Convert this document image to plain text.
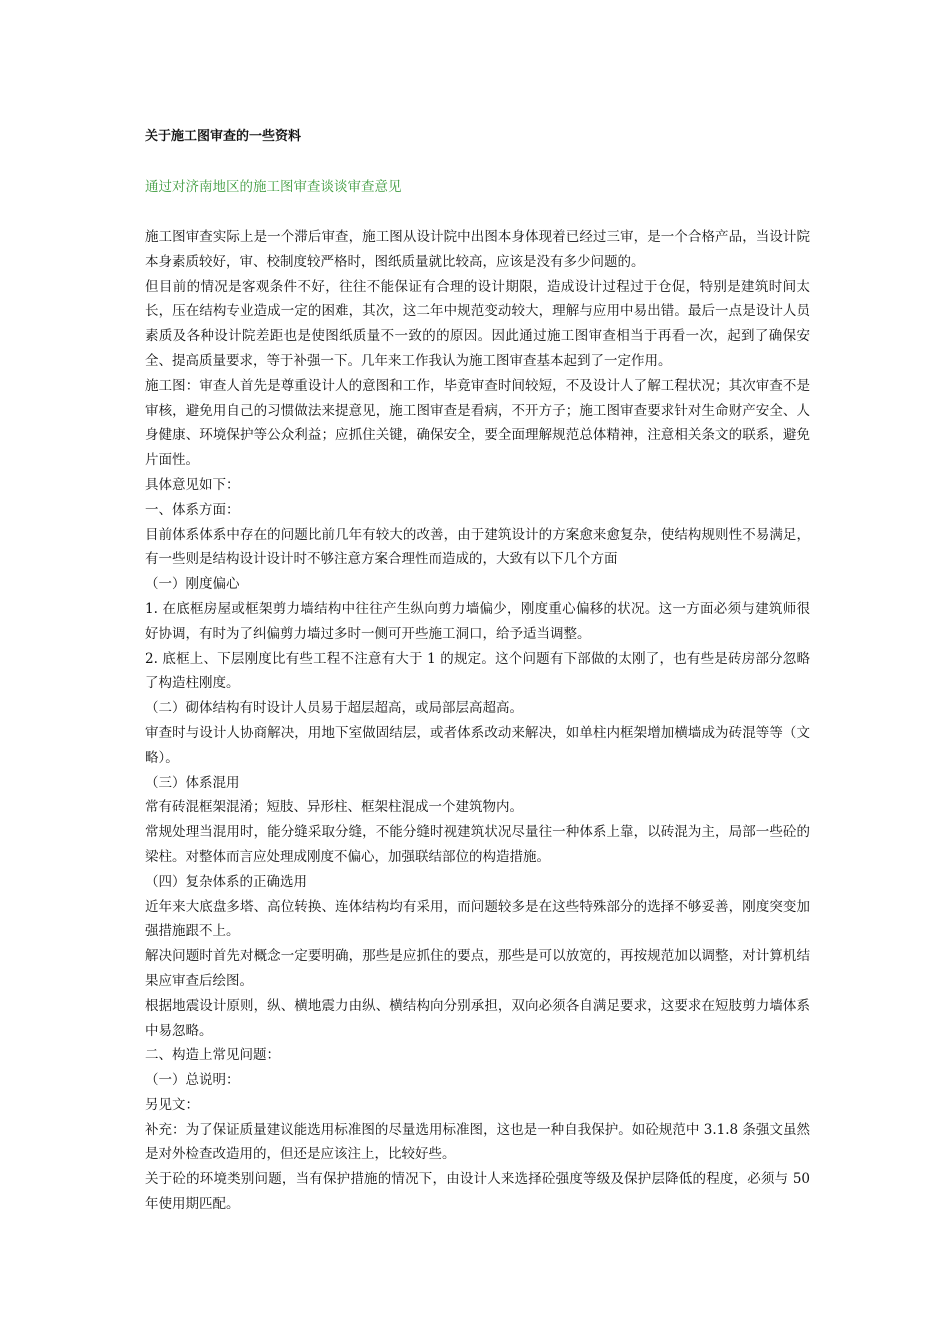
关于施工图审查的一些资料
通过对济南地区的施工图审查谈谈审查意见

施工图审查实际上是一个滞后审查，施工图从设计院中出图本身体现着已经过三审，是一个合格产品，当设计院本身素质较好，审、校制度较严格时，图纸质量就比较高，应该是没有多少问题的。

但目前的情况是客观条件不好，往往不能保证有合理的设计期限，造成设计过程过于仓促，特别是建筑时间太长，压在结构专业造成一定的困难，其次，这二年中规范变动较大，理解与应用中易出错。最后一点是设计人员素质及各种设计院差距也是使图纸质量不一致的的原因。因此通过施工图审查相当于再看一次，起到了确保安全、提高质量要求，等于补强一下。几年来工作我认为施工图审查基本起到了一定作用。

施工图：审查人首先是尊重设计人的意图和工作，毕竟审查时间较短，不及设计人了解工程状况；其次审查不是审核，避免用自己的习惯做法来提意见，施工图审查是看病，不开方子；施工图审查要求针对生命财产安全、人身健康、环境保护等公众利益；应抓住关键，确保安全，要全面理解规范总体精神，注意相关条文的联系，避免片面性。

具体意见如下：

一、体系方面：

目前体系体系中存在的问题比前几年有较大的改善，由于建筑设计的方案愈来愈复杂，使结构规则性不易满足，有一些则是结构设计设计时不够注意方案合理性而造成的，大致有以下几个方面

（一）刚度偏心

1. 在底框房屋或框架剪力墙结构中往往产生纵向剪力墙偏少，刚度重心偏移的状况。这一方面必须与建筑师很好协调，有时为了纠偏剪力墙过多时一侧可开些施工洞口，给予适当调整。

2. 底框上、下层刚度比有些工程不注意有大于 1 的规定。这个问题有下部做的太刚了，也有些是砖房部分忽略了构造柱刚度。

（二）砌体结构有时设计人员易于超层超高，或局部层高超高。

审查时与设计人协商解决，用地下室做固结层，或者体系改动来解决，如单柱内框架增加横墙成为砖混等等（文略）。

（三）体系混用

常有砖混框架混淆；短肢、异形柱、框架柱混成一个建筑物内。

常规处理当混用时，能分缝采取分缝，不能分缝时视建筑状况尽量往一种体系上靠，以砖混为主，局部一些砼的梁柱。对整体而言应处理成刚度不偏心，加强联结部位的构造措施。

（四）复杂体系的正确选用

近年来大底盘多塔、高位转换、连体结构均有采用，而问题较多是在这些特殊部分的选择不够妥善，刚度突变加强措施跟不上。

解决问题时首先对概念一定要明确，那些是应抓住的要点，那些是可以放宽的，再按规范加以调整，对计算机结果应审查后绘图。

根据地震设计原则，纵、横地震力由纵、横结构向分别承担，双向必须各自满足要求，这要求在短肢剪力墙体系中易忽略。

二、构造上常见问题：

（一）总说明：

另见文：

补充：为了保证质量建议能选用标准图的尽量选用标准图，这也是一种自我保护。如砼规范中 3.1.8 条强文虽然是对外检查改造用的，但还是应该注上，比较好些。

关于砼的环境类别问题，当有保护措施的情况下，由设计人来选择砼强度等级及保护层降低的程度，必须与 50 年使用期匹配。
